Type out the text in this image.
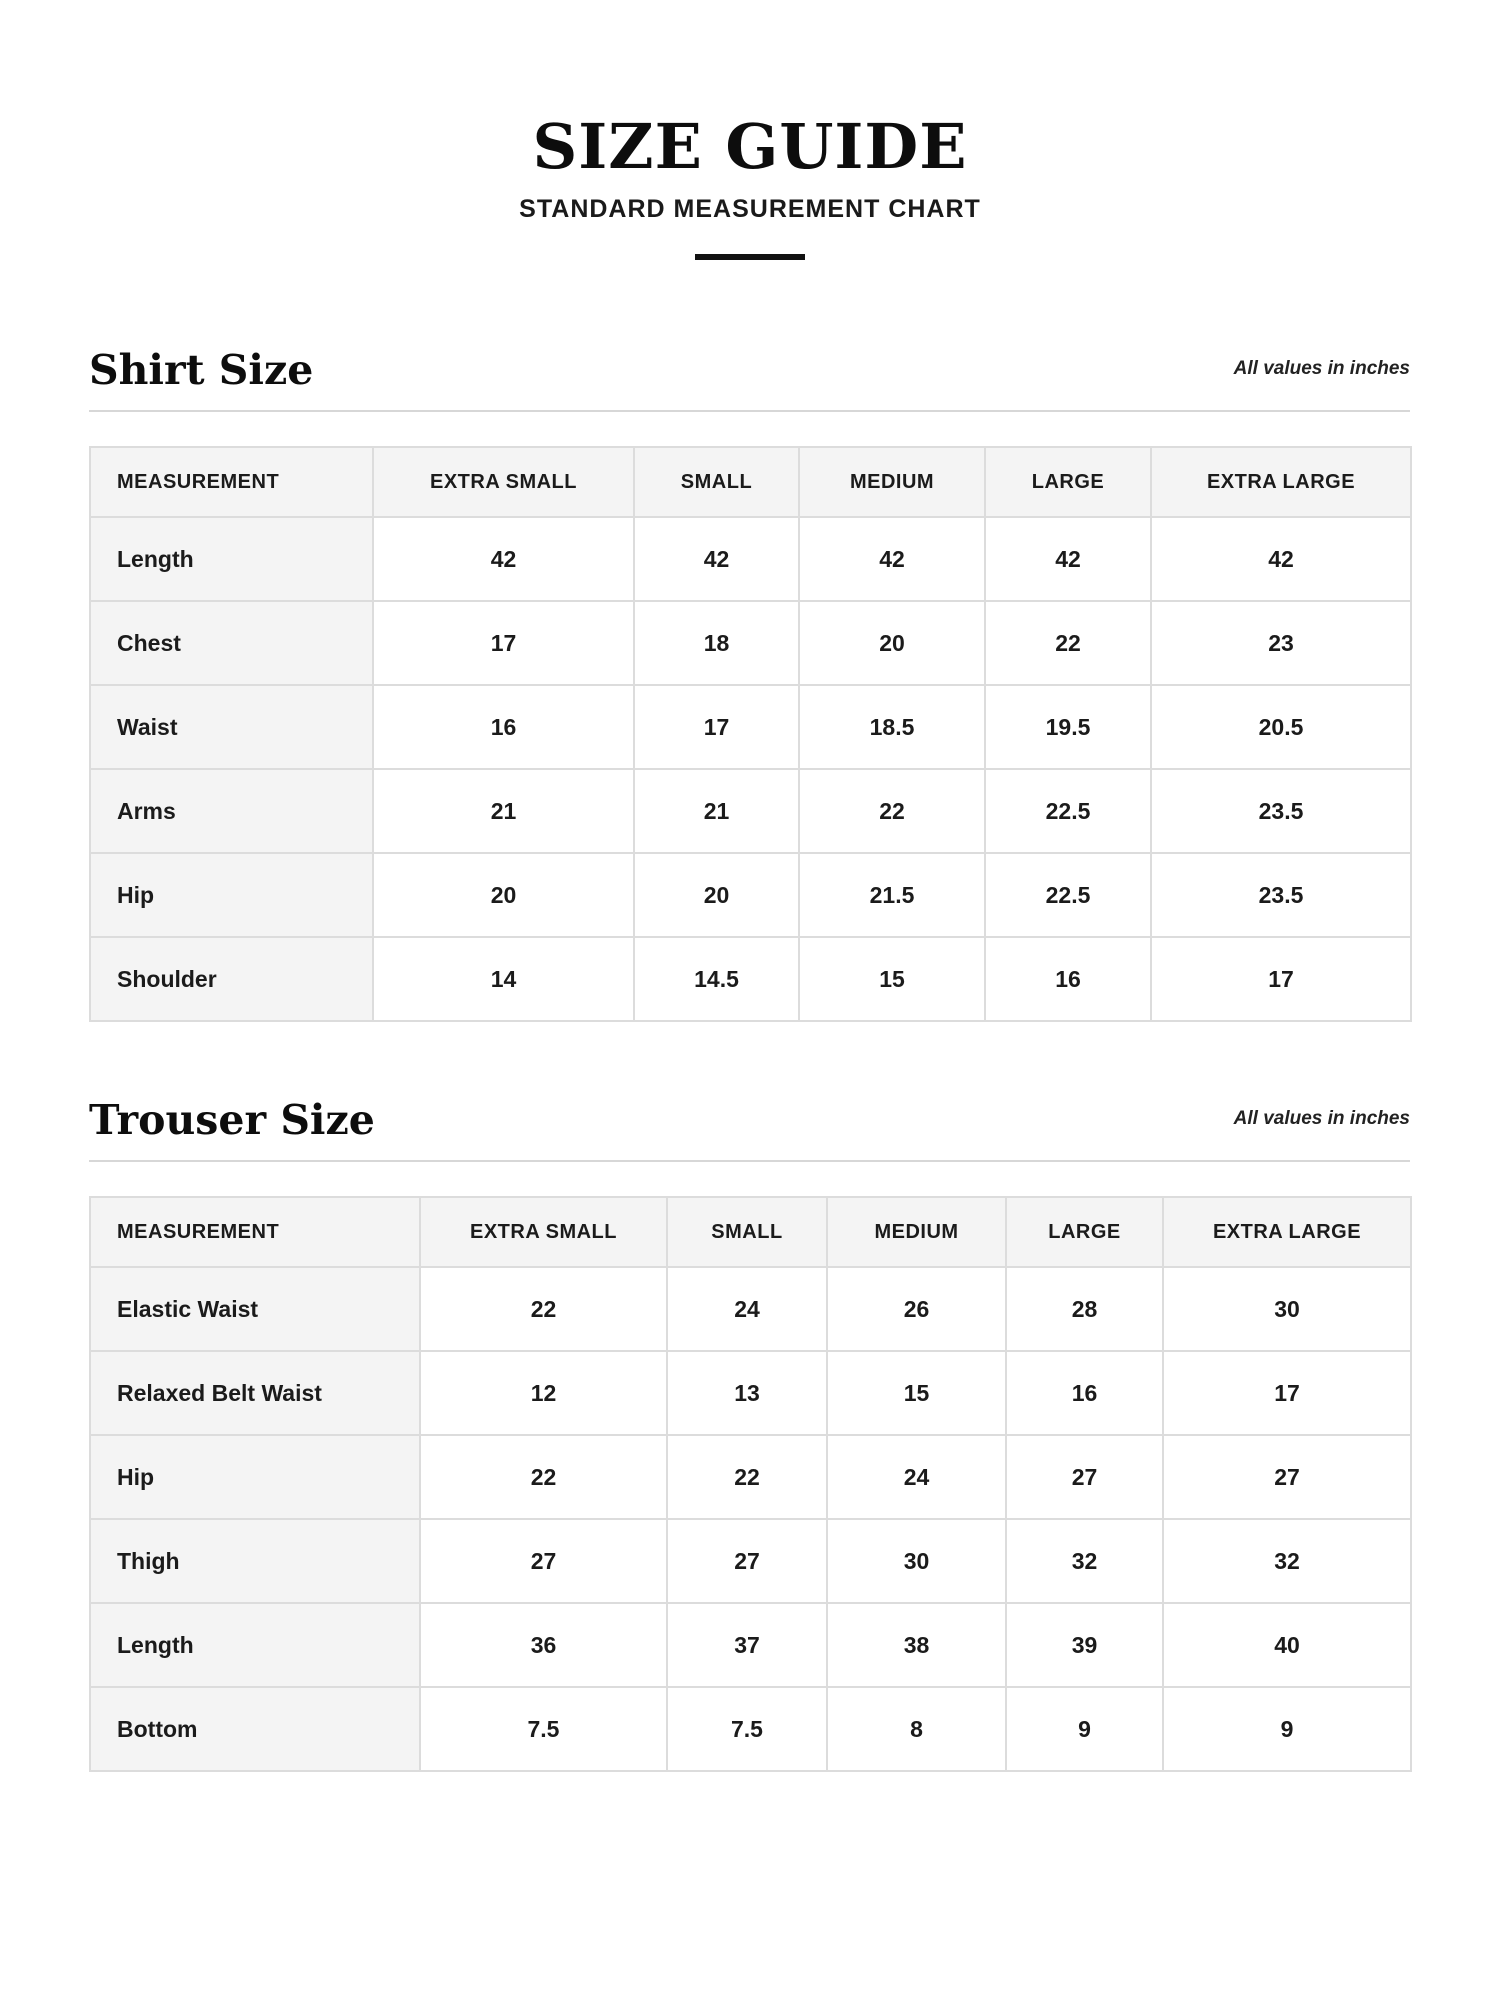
SIZE GUIDE
STANDARD MEASUREMENT CHART
Shirt Size	All values in inches
MEASUREMENT	EXTRA SMALL	SMALL	MEDIUM	LARGE	EXTRA LARGE
Length	42	42	42	42	42
Chest	17	18	20	22	23
Waist	16	17	18.5	19.5	20.5
Arms	21	21	22	22.5	23.5
Hip	20	20	21.5	22.5	23.5
Shoulder	14	14.5	15	16	17
Trouser Size	All values in inches
MEASUREMENT	EXTRA SMALL	SMALL	MEDIUM	LARGE	EXTRA LARGE
Elastic Waist	22	24	26	28	30
Relaxed Belt Waist	12	13	15	16	17
Hip	22	22	24	27	27
Thigh	27	27	30	32	32
Length	36	37	38	39	40
Bottom	7.5	7.5	8	9	9
